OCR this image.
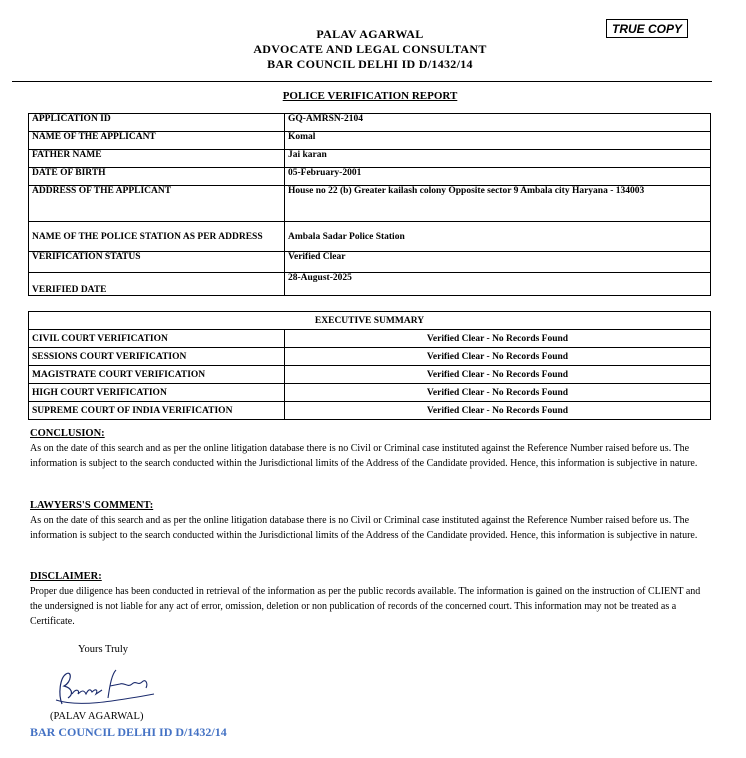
TRUE COPY
PALAV AGARWAL
ADVOCATE AND LEGAL CONSULTANT
BAR COUNCIL DELHI ID D/1432/14
POLICE VERIFICATION REPORT
APPLICATION ID	GQ-AMRSN-2104
NAME OF THE APPLICANT	Komal
FATHER NAME	Jai karan
DATE OF BIRTH	05-February-2001
ADDRESS OF THE APPLICANT	House no 22 (b) Greater kailash colony Opposite sector 9 Ambala city Haryana - 134003
NAME OF THE POLICE STATION AS PER ADDRESS	Ambala Sadar Police Station
VERIFICATION STATUS	Verified Clear
VERIFIED DATE	28-August-2025
EXECUTIVE SUMMARY	
CIVIL COURT VERIFICATION	Verified Clear - No Records Found
SESSIONS COURT VERIFICATION	Verified Clear - No Records Found
MAGISTRATE COURT VERIFICATION	Verified Clear - No Records Found
HIGH COURT VERIFICATION	Verified Clear - No Records Found
SUPREME COURT OF INDIA VERIFICATION	Verified Clear - No Records Found
CONCLUSION:
As on the date of this search and as per the online litigation database there is no Civil or Criminal case instituted against the Reference Number raised before us. The information is subject to the search conducted within the Jurisdictional limits of the Address of the Candidate provided. Hence, this information is subjective in nature.
LAWYERS'S COMMENT:
As on the date of this search and as per the online litigation database there is no Civil or Criminal case instituted against the Reference Number raised before us. The information is subject to the search conducted within the Jurisdictional limits of the Address of the Candidate provided. Hence, this information is subjective in nature.
DISCLAIMER:
Proper due diligence has been conducted in retrieval of the information as per the public records available. The information is gained on the instruction of CLIENT and the undersigned is not liable for any act of error, omission, deletion or non publication of records of the concerned court. This information may not be treated as a Certificate.
Yours Truly
(PALAV AGARWAL)
BAR COUNCIL DELHI ID D/1432/14
